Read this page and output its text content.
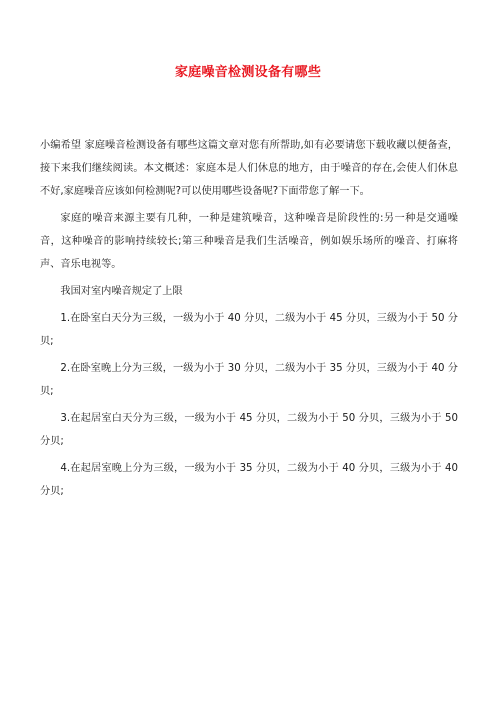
家庭噪音检测设备有哪些

小编希望 家庭噪音检测设备有哪些这篇文章对您有所帮助,如有必要请您下载收藏以便备查，接下来我们继续阅读。本文概述：家庭本是人们休息的地方，由于噪音的存在,会使人们休息不好,家庭噪音应该如何检测呢?可以使用哪些设备呢?下面带您了解一下。

家庭的噪音来源主要有几种，一种是建筑噪音，这种噪音是阶段性的:另一种是交通噪音，这种噪音的影响持续较长;第三种噪音是我们生活噪音，例如娱乐场所的噪音、打麻将声、音乐电视等。

我国对室内噪音规定了上限

1.在卧室白天分为三级，一级为小于 40 分贝，二级为小于 45 分贝，三级为小于 50 分贝;

2.在卧室晚上分为三级，一级为小于 30 分贝，二级为小于 35 分贝，三级为小于 40 分贝;

3.在起居室白天分为三级，一级为小于 45 分贝，二级为小于 50 分贝，三级为小于 50 分贝;

4.在起居室晚上分为三级，一级为小于 35 分贝，二级为小于 40 分贝，三级为小于 40 分贝;
